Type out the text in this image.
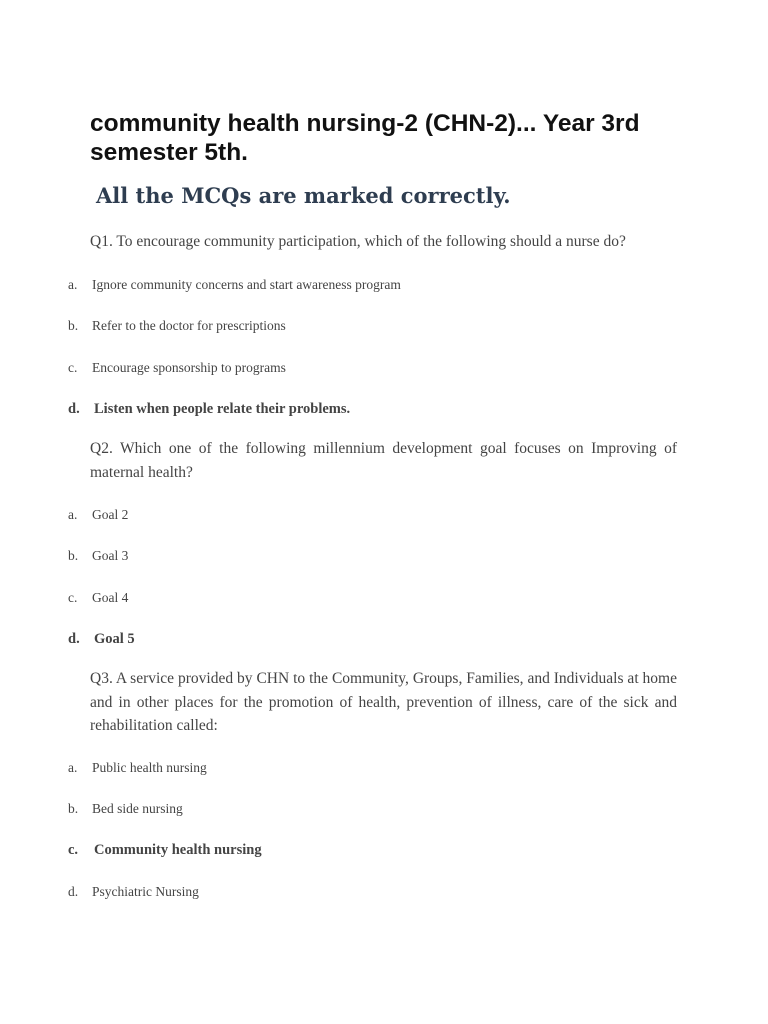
community health nursing-2 (CHN-2)... Year 3rd semester 5th.
All the MCQs are marked correctly.

Q1. To encourage community participation, which of the following should a nurse do?

a.	Ignore community concerns and start awareness program
b.	Refer to the doctor for prescriptions
c.	Encourage sponsorship to programs
d. Listen when people relate their problems.

Q2. Which one of the following millennium development goal focuses on Improving of maternal health?

a.	Goal 2
b.	Goal 3
c.	Goal 4
d. Goal 5

Q3. A service provided by CHN to the Community, Groups, Families, and Individuals at home and in other places for the promotion of health, prevention of illness, care of the sick and rehabilitation called:

a.	Public health nursing
b.	Bed side nursing
c.	Community health nursing
d.	Psychiatric Nursing
